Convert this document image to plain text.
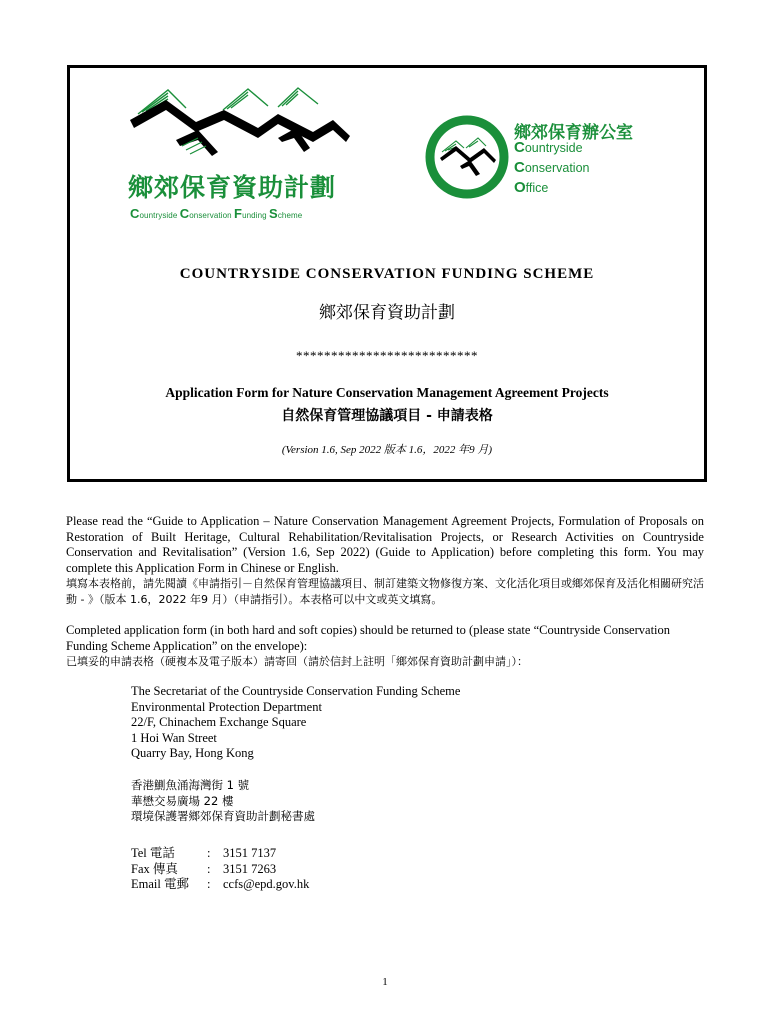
鄉郊保育資助計劃
Countryside Conservation Funding Scheme
鄉郊保育辦公室
Countryside
Conservation
Office
COUNTRYSIDE CONSERVATION FUNDING SCHEME
鄉郊保育資助計劃
**************************
Application Form for Nature Conservation Management Agreement Projects
自然保育管理協議項目 - 申請表格
(Version 1.6, Sep 2022 版本 1.6，2022 年9 月)
Please read the “Guide to Application – Nature Conservation Management Agreement Projects, Formulation of Proposals on Restoration of Built Heritage, Cultural Rehabilitation/Revitalisation Projects, or Research Activities on Countryside Conservation and Revitalisation” (Version 1.6, Sep 2022) (Guide to Application) before completing this form. You may complete this Application Form in Chinese or English.
填寫本表格前，請先閱讀《申請指引－自然保育管理協議項目、制訂建築文物修復方案、文化活化項目或鄉郊保育及活化相關研究活動 - 》（版本 1.6，2022 年9 月）（申請指引）。本表格可以中文或英文填寫。
Completed application form (in both hard and soft copies) should be returned to (please state “Countryside Conservation Funding Scheme Application” on the envelope):
已填妥的申請表格（硬複本及電子版本）請寄回（請於信封上註明「鄉郊保育資助計劃申請」）：
The Secretariat of the Countryside Conservation Funding Scheme
Environmental Protection Department
22/F, Chinachem Exchange Square
1 Hoi Wan Street
Quarry Bay, Hong Kong
香港鰂魚涌海灣街 1 號
華懋交易廣場 22 樓
環境保護署鄉郊保育資助計劃秘書處
Tel 電話	:	3151 7137
Fax 傳真	:	3151 7263
Email 電郵	:	ccfs@epd.gov.hk
1
